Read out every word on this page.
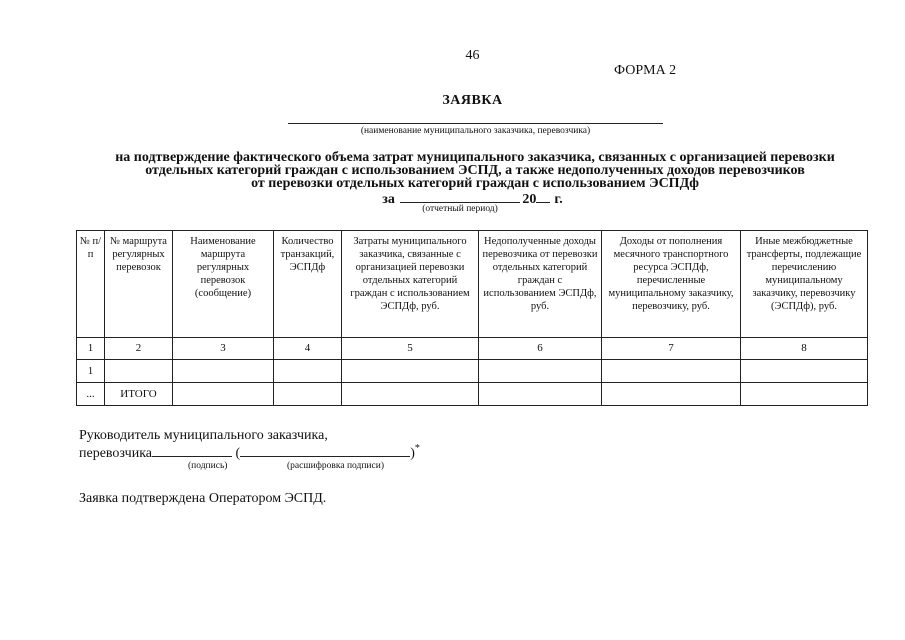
46
ФОРМА 2
ЗАЯВКА
(наименование муниципального заказчика, перевозчика)
на подтверждение фактического объема затрат муниципального заказчика, связанных с организацией перевозки
отдельных категорий граждан с использованием ЭСПД, а также недополученных доходов перевозчиков
от перевозки отдельных категорий граждан с использованием ЭСПДф
за	20 г.
(отчетный период)
№ п/п	№ маршрута регулярных перевозок	Наименование маршрута регулярных перевозок (сообщение)	Количество транзакций, ЭСПДф	Затраты муниципального заказчика, связанные с организацией перевозки отдельных категорий граждан с использованием ЭСПДф, руб.	Недополученные доходы перевозчика от перевозки отдельных категорий граждан с использованием ЭСПДф, руб.	Доходы от пополнения месячного транспортного ресурса ЭСПДф, перечисленные муниципальному заказчику, перевозчику, руб.	Иные межбюджетные трансферты, подлежащие перечислению муниципальному заказчику, перевозчику (ЭСПДф), руб.
1	2	3	4	5	6	7	8
1							
...	ИТОГО						
Руководитель муниципального заказчика,
перевозчика	(	)*
(подпись)	(расшифровка подписи)
Заявка подтверждена Оператором ЭСПД.
